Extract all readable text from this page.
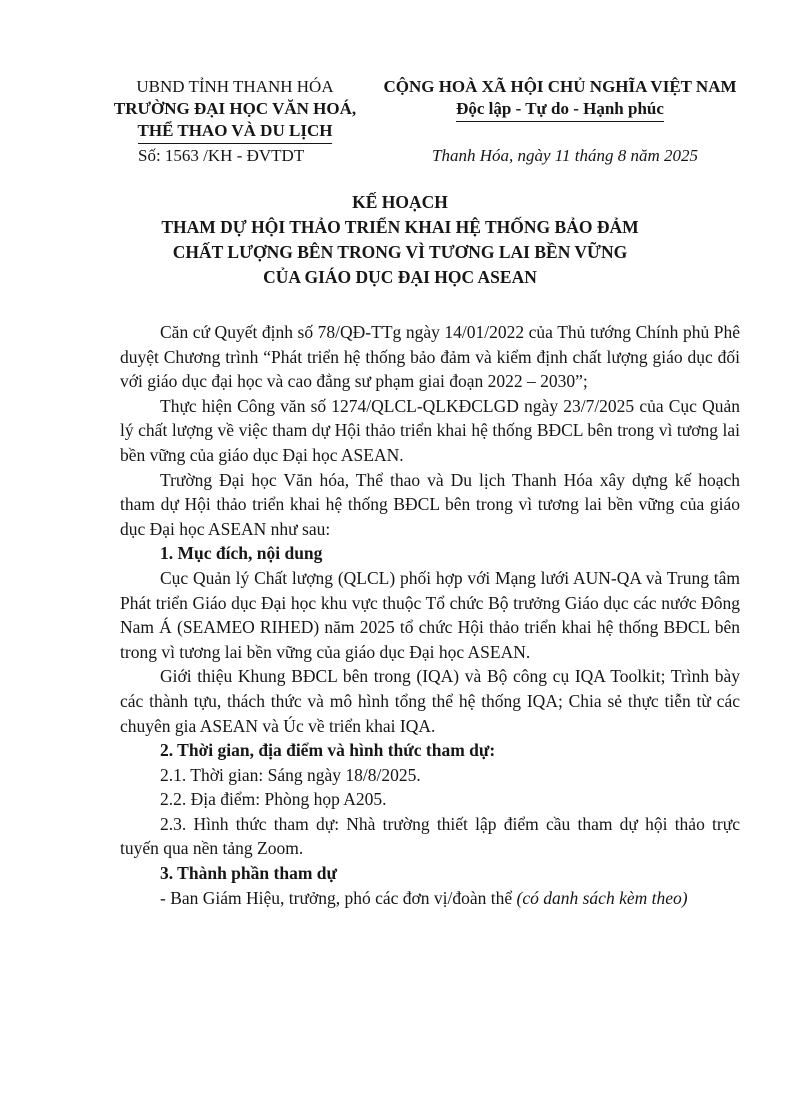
UBND TỈNH THANH HÓA
TRƯỜNG ĐẠI HỌC VĂN HOÁ,
THỂ THAO VÀ DU LỊCH
CỘNG HOÀ XÃ HỘI CHỦ NGHĨA VIỆT NAM
Độc lập - Tự do - Hạnh phúc
Số: 1563 /KH - ĐVTDT	Thanh Hóa, ngày 11 tháng 8 năm 2025
KẾ HOẠCH
THAM DỰ HỘI THẢO TRIỂN KHAI HỆ THỐNG BẢO ĐẢM
CHẤT LƯỢNG BÊN TRONG VÌ TƯƠNG LAI BỀN VỮNG
CỦA GIÁO DỤC ĐẠI HỌC ASEAN

Căn cứ Quyết định số 78/QĐ-TTg ngày 14/01/2022 của Thủ tướng Chính phủ Phê duyệt Chương trình “Phát triển hệ thống bảo đảm và kiểm định chất lượng giáo dục đối với giáo dục đại học và cao đẳng sư phạm giai đoạn 2022 – 2030”;

Thực hiện Công văn số 1274/QLCL-QLKĐCLGD ngày 23/7/2025 của Cục Quản lý chất lượng về việc tham dự Hội thảo triển khai hệ thống BĐCL bên trong vì tương lai bền vững của giáo dục Đại học ASEAN.

Trường Đại học Văn hóa, Thể thao và Du lịch Thanh Hóa xây dựng kế hoạch tham dự Hội thảo triển khai hệ thống BĐCL bên trong vì tương lai bền vững của giáo dục Đại học ASEAN như sau:

1. Mục đích, nội dung

Cục Quản lý Chất lượng (QLCL) phối hợp với Mạng lưới AUN-QA và Trung tâm Phát triển Giáo dục Đại học khu vực thuộc Tổ chức Bộ trưởng Giáo dục các nước Đông Nam Á (SEAMEO RIHED) năm 2025 tổ chức Hội thảo triển khai hệ thống BĐCL bên trong vì tương lai bền vững của giáo dục Đại học ASEAN.

Giới thiệu Khung BĐCL bên trong (IQA) và Bộ công cụ IQA Toolkit; Trình bày các thành tựu, thách thức và mô hình tổng thể hệ thống IQA; Chia sẻ thực tiễn từ các chuyên gia ASEAN và Úc về triển khai IQA.

2. Thời gian, địa điểm và hình thức tham dự:

2.1. Thời gian: Sáng ngày 18/8/2025.

2.2. Địa điểm: Phòng họp A205.

2.3. Hình thức tham dự: Nhà trường thiết lập điểm cầu tham dự hội thảo trực tuyến qua nền tảng Zoom.

3. Thành phần tham dự

- Ban Giám Hiệu, trưởng, phó các đơn vị/đoàn thể (có danh sách kèm theo)
